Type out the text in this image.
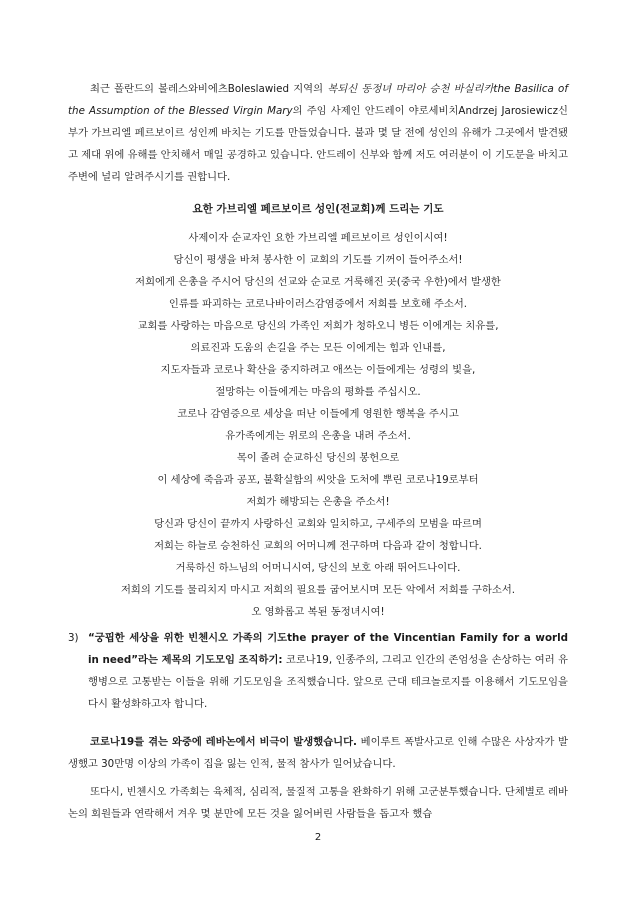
최근 폴란드의 볼레스와비에츠Boleslawied 지역의 복되신 동정녀 마리아 승천 바실리카the Basilica of the Assumption of the Blessed Virgin Mary의 주임 사제인 안드레이 야로세비치Andrzej Jarosiewicz신부가 가브리엘 페르보이르 성인께 바치는 기도를 만들었습니다. 불과 몇 달 전에 성인의 유해가 그곳에서 발견됐고 제대 위에 유해를 안치해서 매일 공경하고 있습니다. 안드레이 신부와 함께 저도 여러분이 이 기도문을 바치고 주변에 널리 알려주시기를 권합니다.

요한 가브리엘 페르보이르 성인(전교회)께 드리는 기도

사제이자 순교자인 요한 가브리엘 페르보이르 성인이시여!
당신이 평생을 바쳐 봉사한 이 교회의 기도를 기꺼이 들어주소서!
저희에게 은총을 주시어 당신의 선교와 순교로 거룩해진 곳(중국 우한)에서 발생한
인류를 파괴하는 코로나바이러스감염증에서 저희를 보호해 주소서.
교회를 사랑하는 마음으로 당신의 가족인 저희가 청하오니 병든 이에게는 치유를,
의료진과 도움의 손길을 주는 모든 이에게는 힘과 인내를,
지도자들과 코로나 확산을 중지하려고 애쓰는 이들에게는 성령의 빛을,
절망하는 이들에게는 마음의 평화를 주십시오.
코로나 감염증으로 세상을 떠난 이들에게 영원한 행복을 주시고
유가족에게는 위로의 은총을 내려 주소서.
목이 졸려 순교하신 당신의 봉헌으로
이 세상에 죽음과 공포, 불확실함의 씨앗을 도처에 뿌린 코로나19로부터
저희가 해방되는 은총을 주소서!
당신과 당신이 끝까지 사랑하신 교회와 일치하고, 구세주의 모범을 따르며
저희는 하늘로 승천하신 교회의 어머니께 전구하며 다음과 같이 청합니다.
거룩하신 하느님의 어머니시여, 당신의 보호 아래 뛰어드나이다.
저희의 기도를 물리치지 마시고 저희의 필요를 굽어보시며 모든 악에서 저희를 구하소서.
오 영화롭고 복된 동정녀시여!
3) “궁핍한 세상을 위한 빈첸시오 가족의 기도the prayer of the Vincentian Family for a world in need”라는 제목의 기도모임 조직하기: 코로나19, 인종주의, 그리고 인간의 존엄성을 손상하는 여러 유행병으로 고통받는 이들을 위해 기도모임을 조직했습니다. 앞으로 근대 테크놀로지를 이용해서 기도모임을 다시 활성화하고자 합니다.

코로나19를 겪는 와중에 레바논에서 비극이 발생했습니다. 베이루트 폭발사고로 인해 수많은 사상자가 발생했고 30만명 이상의 가족이 집을 잃는 인적, 물적 참사가 일어났습니다.

또다시, 빈첸시오 가족회는 육체적, 심리적, 물질적 고통을 완화하기 위해 고군분투했습니다. 단체별로 레바논의 회원들과 연락해서 겨우 몇 분만에 모든 것을 잃어버린 사람들을 돕고자 했습

2
